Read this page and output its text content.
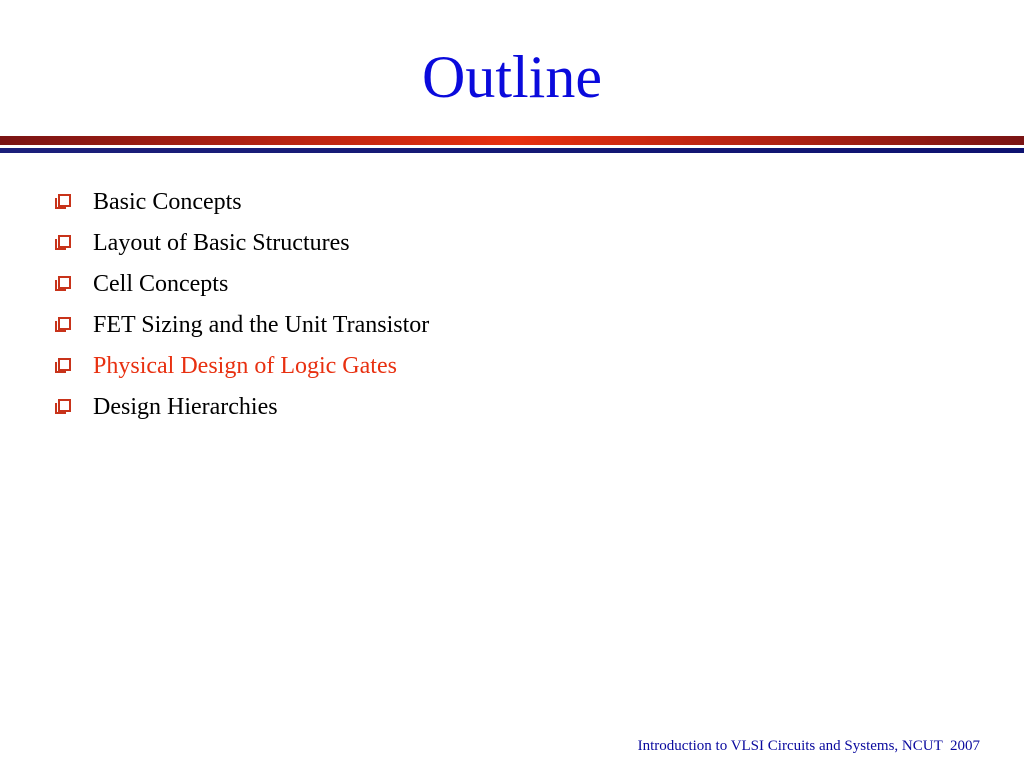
Outline
Basic Concepts
Layout of Basic Structures
Cell Concepts
FET Sizing and the Unit Transistor
Physical Design of Logic Gates
Design Hierarchies
Introduction to VLSI Circuits and Systems, NCUT  2007
